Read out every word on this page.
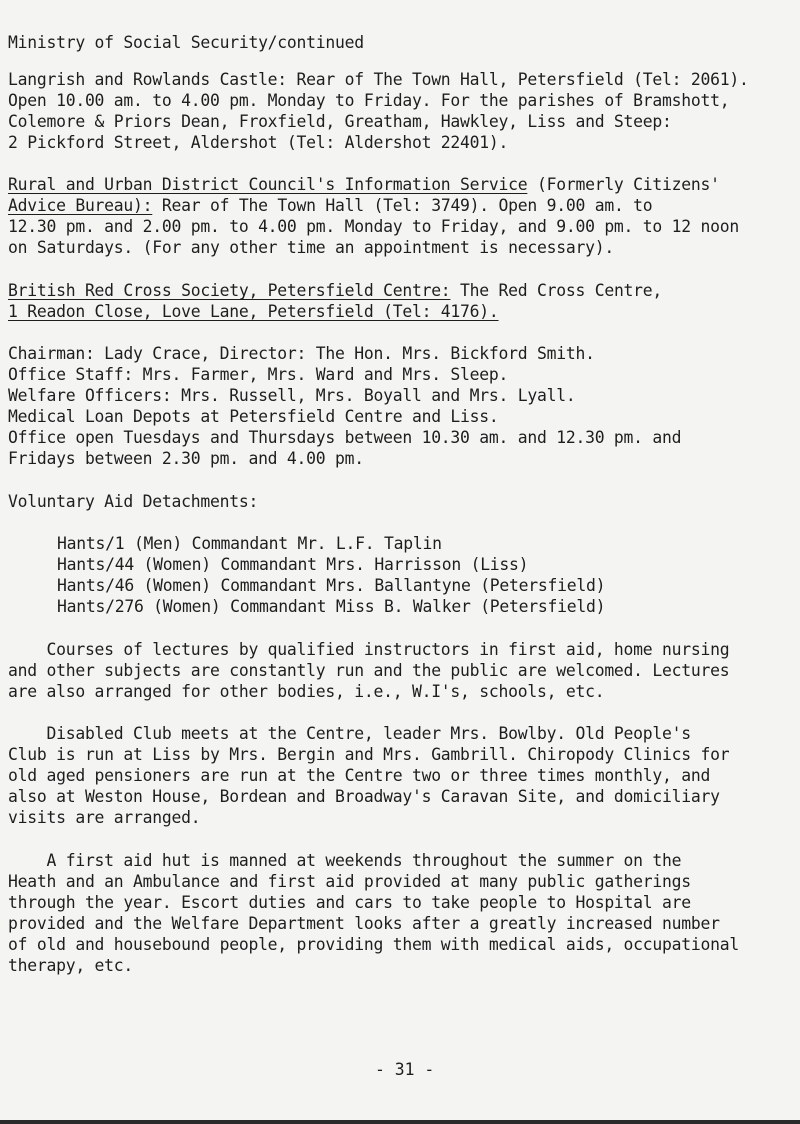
Ministry of Social Security/continued
Langrish and Rowlands Castle: Rear of The Town Hall, Petersfield (Tel: 2061).
Open 10.00 am. to 4.00 pm. Monday to Friday. For the parishes of Bramshott,
Colemore & Priors Dean, Froxfield, Greatham, Hawkley, Liss and Steep:
2 Pickford Street, Aldershot (Tel: Aldershot 22401).
Rural and Urban District Council's Information Service (Formerly Citizens'
Advice Bureau): Rear of The Town Hall (Tel: 3749). Open 9.00 am. to
12.30 pm. and 2.00 pm. to 4.00 pm. Monday to Friday, and 9.00 pm. to 12 noon
on Saturdays. (For any other time an appointment is necessary).
British Red Cross Society, Petersfield Centre: The Red Cross Centre,
1 Readon Close, Love Lane, Petersfield (Tel: 4176).
Chairman: Lady Crace, Director: The Hon. Mrs. Bickford Smith.
Office Staff: Mrs. Farmer, Mrs. Ward and Mrs. Sleep.
Welfare Officers: Mrs. Russell, Mrs. Boyall and Mrs. Lyall.
Medical Loan Depots at Petersfield Centre and Liss.
Office open Tuesdays and Thursdays between 10.30 am. and 12.30 pm. and
Fridays between 2.30 pm. and 4.00 pm.
Voluntary Aid Detachments:
Hants/1 (Men) Commandant Mr. L.F. Taplin
Hants/44 (Women) Commandant Mrs. Harrisson (Liss)
Hants/46 (Women) Commandant Mrs. Ballantyne (Petersfield)
Hants/276 (Women) Commandant Miss B. Walker (Petersfield)
Courses of lectures by qualified instructors in first aid, home nursing
and other subjects are constantly run and the public are welcomed. Lectures
are also arranged for other bodies, i.e., W.I's, schools, etc.
Disabled Club meets at the Centre, leader Mrs. Bowlby. Old People's
Club is run at Liss by Mrs. Bergin and Mrs. Gambrill. Chiropody Clinics for
old aged pensioners are run at the Centre two or three times monthly, and
also at Weston House, Bordean and Broadway's Caravan Site, and domiciliary
visits are arranged.
A first aid hut is manned at weekends throughout the summer on the
Heath and an Ambulance and first aid provided at many public gatherings
through the year. Escort duties and cars to take people to Hospital are
provided and the Welfare Department looks after a greatly increased number
of old and housebound people, providing them with medical aids, occupational
therapy, etc.
- 31 -
